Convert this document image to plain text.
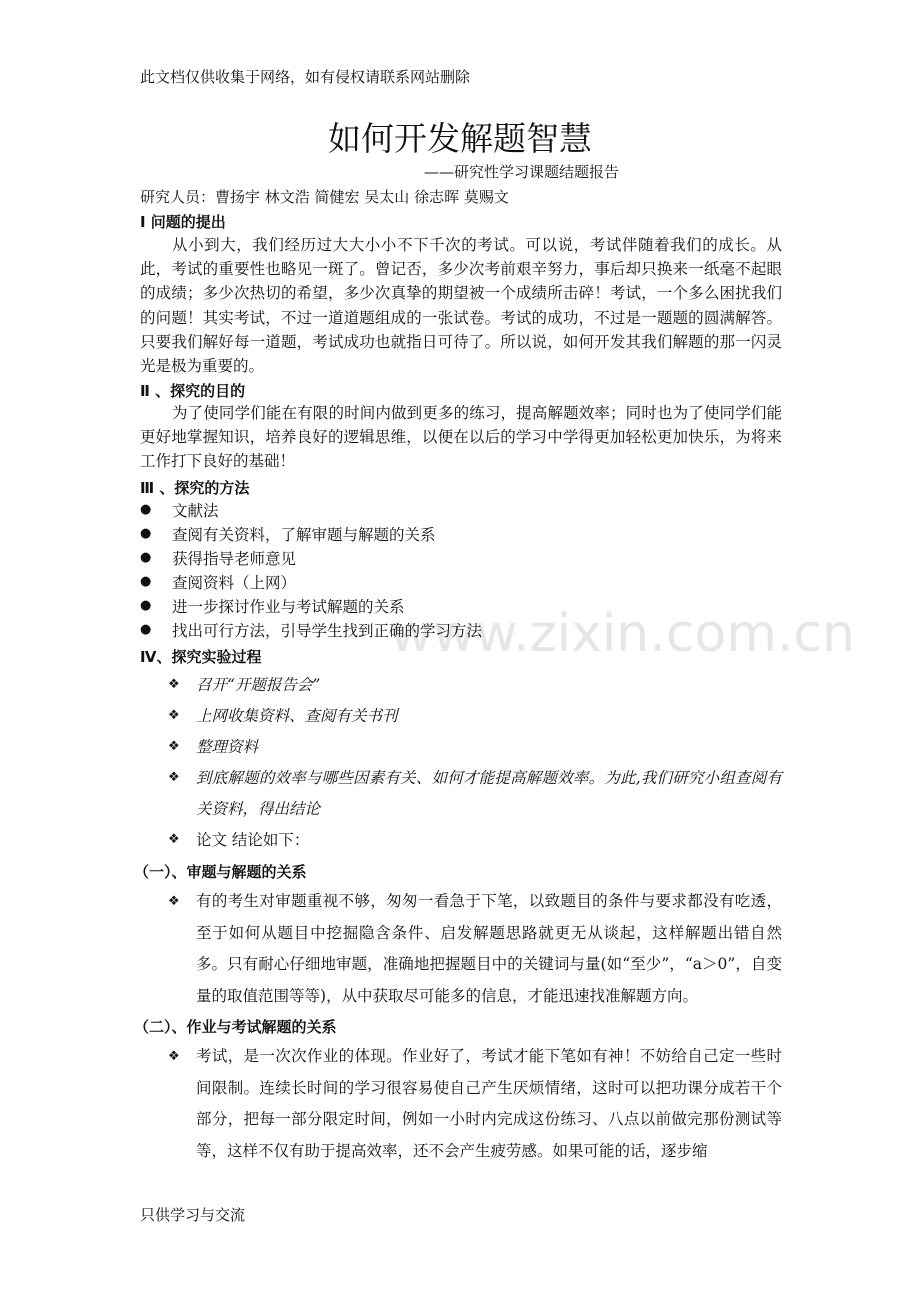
www.zixin.com.cn
此文档仅供收集于网络，如有侵权请联系网站删除
如何开发解题智慧
——研究性学习课题结题报告
研究人员：曹扬宇 林文浩 简健宏 吴太山 徐志晖 莫赐文
Ⅰ 问题的提出
从小到大，我们经历过大大小小不下千次的考试。可以说，考试伴随着我们的成长。从此，考试的重要性也略见一斑了。曾记否，多少次考前艰辛努力，事后却只换来一纸毫不起眼的成绩；多少次热切的希望，多少次真挚的期望被一个成绩所击碎！考试，一个多么困扰我们的问题！其实考试，不过一道道题组成的一张试卷。考试的成功，不过是一题题的圆满解答。只要我们解好每一道题，考试成功也就指日可待了。所以说，如何开发其我们解题的那一闪灵光是极为重要的。
Ⅱ 、探究的目的
为了使同学们能在有限的时间内做到更多的练习，提高解题效率；同时也为了使同学们能更好地掌握知识，培养良好的逻辑思维，以便在以后的学习中学得更加轻松更加快乐，为将来工作打下良好的基础！
Ⅲ 、探究的方法
● 文献法
● 查阅有关资料，了解审题与解题的关系
● 获得指导老师意见
● 查阅资料（上网）
● 进一步探讨作业与考试解题的关系
● 找出可行方法，引导学生找到正确的学习方法
Ⅳ、探究实验过程
❖ 召开“开题报告会”
❖ 上网收集资料、查阅有关书刊
❖ 整理资料
❖ 到底解题的效率与哪些因素有关、如何才能提高解题效率。为此,我们研究小组查阅有关资料，得出结论
❖ 论文 结论如下：
（一）、审题与解题的关系
❖ 有的考生对审题重视不够，匆匆一看急于下笔，以致题目的条件与要求都没有吃透，至于如何从题目中挖掘隐含条件、启发解题思路就更无从谈起，这样解题出错自然多。只有耐心仔细地审题，准确地把握题目中的关键词与量(如“至少”，“a＞0”，自变量的取值范围等等)，从中获取尽可能多的信息，才能迅速找准解题方向。
（二）、作业与考试解题的关系
❖ 考试，是一次次作业的体现。作业好了，考试才能下笔如有神！不妨给自己定一些时间限制。连续长时间的学习很容易使自己产生厌烦情绪，这时可以把功课分成若干个部分，把每一部分限定时间，例如一小时内完成这份练习、八点以前做完那份测试等等，这样不仅有助于提高效率，还不会产生疲劳感。如果可能的话，逐步缩
只供学习与交流
